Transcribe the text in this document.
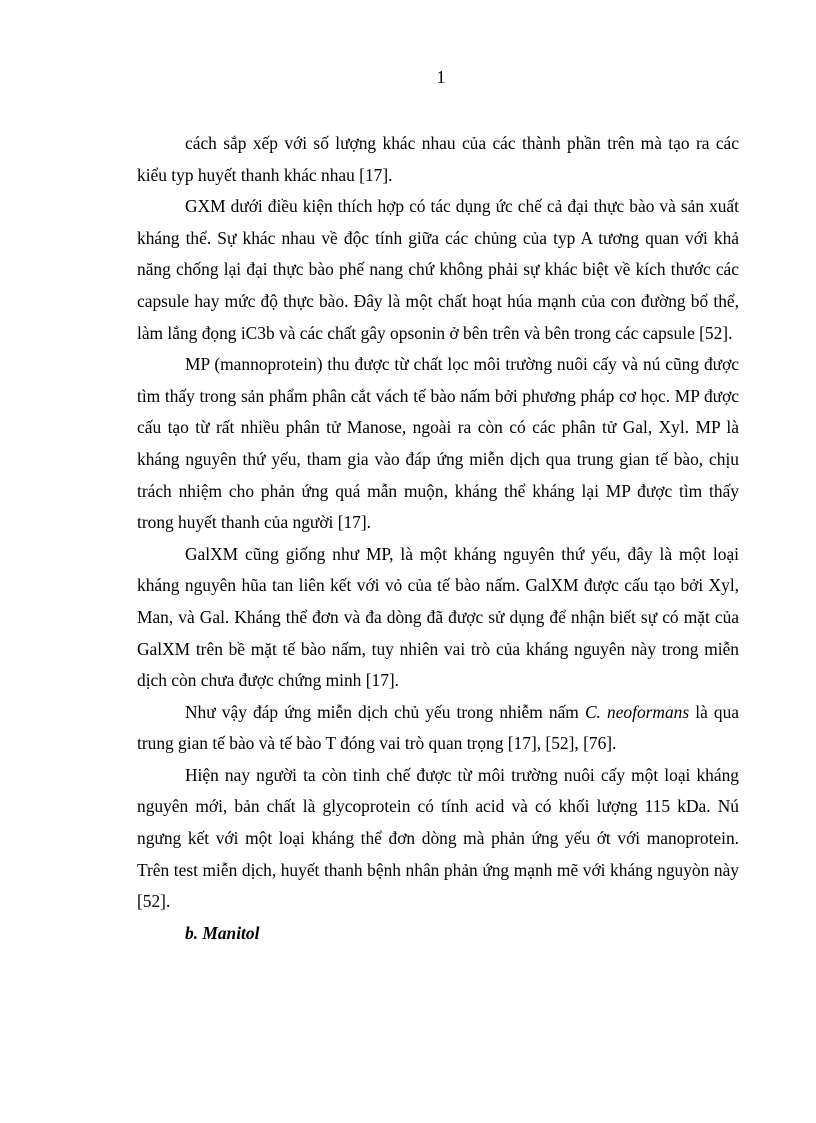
1

cách sắp xếp với số lượng khác nhau của các thành phần trên mà tạo ra các kiểu typ huyết thanh khác nhau [17].

GXM dưới điều kiện thích hợp có tác dụng ức chế cả đại thực bào và sản xuất kháng thể. Sự khác nhau về độc tính giữa các chủng của typ A tương quan với khả năng chống lại đại thực bào phế nang chứ không phải sự khác biệt về kích thước các capsule hay mức độ thực bào. Đây là một chất hoạt húa mạnh của con đường bổ thể, làm lắng đọng iC3b và các chất gây opsonin ở bên trên và bên trong các capsule [52].

MP (mannoprotein) thu được từ chất lọc môi trường nuôi cấy và nú cũng được tìm thấy trong sản phẩm phân cắt vách tế bào nấm bởi phương pháp cơ học. MP được cấu tạo từ rất nhiều phân tử Manose, ngoài ra còn có các phân tử Gal, Xyl. MP là kháng nguyên thứ yếu, tham gia vào đáp ứng miễn dịch qua trung gian tế bào, chịu trách nhiệm cho phản ứng quá mẫn muộn, kháng thể kháng lại MP được tìm thấy trong huyết thanh của người [17].

GalXM cũng giống như MP, là một kháng nguyên thứ yếu, đây là một loại kháng nguyên hũa tan liên kết với vỏ của tế bào nấm. GalXM được cấu tạo bởi Xyl, Man, và Gal. Kháng thể đơn và đa dòng đã được sử dụng để nhận biết sự có mặt của GalXM trên bề mặt tế bào nấm, tuy nhiên vai trò của kháng nguyên này trong miễn dịch còn chưa được chứng minh [17].

Như vậy đáp ứng miễn dịch chủ yếu trong nhiễm nấm C. neoformans là qua trung gian tế bào và tế bào T đóng vai trò quan trọng [17], [52], [76].

Hiện nay người ta còn tinh chế được từ môi trường nuôi cấy một loại kháng nguyên mới, bản chất là glycoprotein có tính acid và có khối lượng 115 kDa. Nú ngưng kết với một loại kháng thể đơn dòng mà phản ứng yếu ớt với manoprotein. Trên test miễn dịch, huyết thanh bệnh nhân phản ứng mạnh mẽ với kháng nguyòn này [52].

b. Manitol
